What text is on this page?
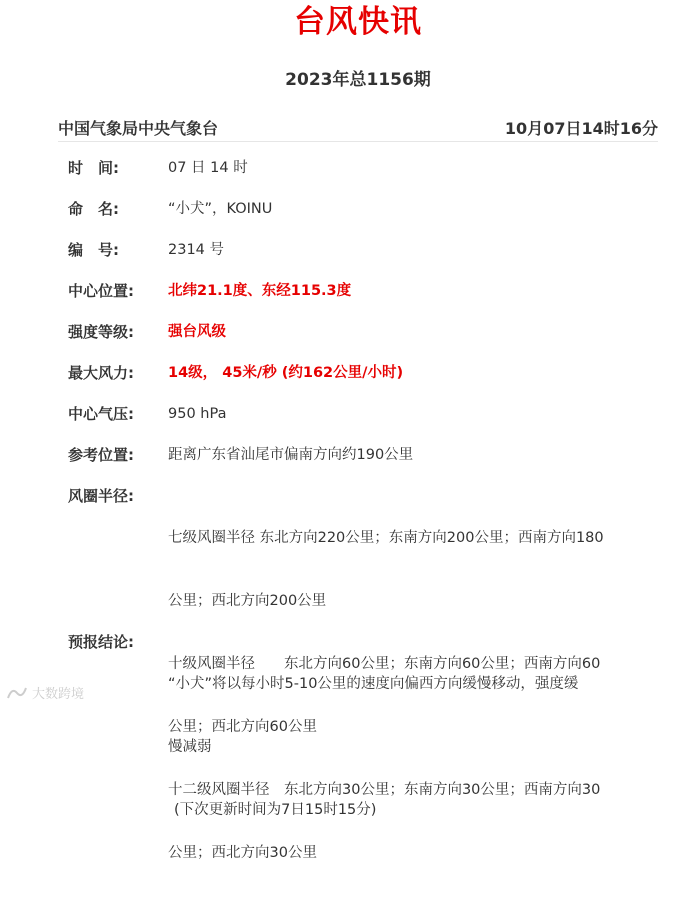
台风快讯
2023年总1156期
中国气象局中央气象台	10月07日14时16分
时　间:	07 日 14 时
命　名:	“小犬”，KOINU
编　号:	2314 号
中心位置:	北纬21.1度、东经115.3度
强度等级:	强台风级
最大风力:	14级， 45米/秒 (约162公里/小时)
中心气压:	950 hPa
参考位置:	距离广东省汕尾市偏南方向约190公里
风圈半径:

七级风圈半径 东北方向220公里；东南方向200公里；西南方向180

公里；西北方向200公里

十级风圈半径　　东北方向60公里；东南方向60公里；西南方向60

公里；西北方向60公里

十二级风圈半径　东北方向30公里；东南方向30公里；西南方向30

公里；西北方向30公里

预报结论:

“小犬”将以每小时5-10公里的速度向偏西方向缓慢移动，强度缓

慢减弱

(下次更新时间为7日15时15分)

大数跨境
